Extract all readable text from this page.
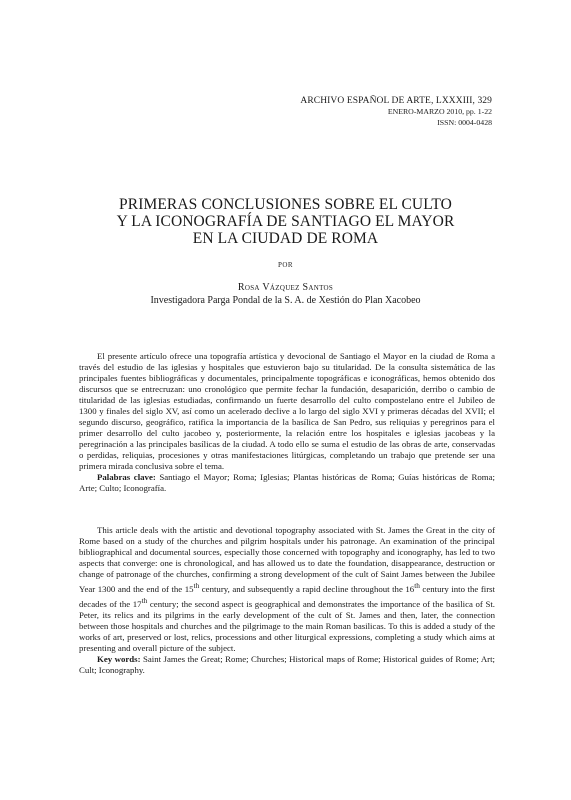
ARCHIVO ESPAÑOL DE ARTE, LXXXIII, 329
ENERO-MARZO 2010, pp. 1-22
ISSN: 0004-0428
PRIMERAS CONCLUSIONES SOBRE EL CULTO
Y LA ICONOGRAFÍA DE SANTIAGO EL MAYOR
EN LA CIUDAD DE ROMA
POR
Rosa Vázquez Santos
Investigadora Parga Pondal de la S. A. de Xestión do Plan Xacobeo

El presente artículo ofrece una topografía artística y devocional de Santiago el Mayor en la ciudad de Roma a través del estudio de las iglesias y hospitales que estuvieron bajo su titularidad. De la consulta sistemática de las principales fuentes bibliográficas y documentales, principalmente topográficas e iconográficas, hemos obtenido dos discursos que se entrecruzan: uno cronológico que permite fechar la fundación, desaparición, derribo o cambio de titularidad de las iglesias estudiadas, confirmando un fuerte desarrollo del culto compostelano entre el Jubileo de 1300 y finales del siglo XV, así como un acelerado declive a lo largo del siglo XVI y primeras décadas del XVII; el segundo discurso, geográfico, ratifica la importancia de la basílica de San Pedro, sus reliquias y peregrinos para el primer desarrollo del culto jacobeo y, posteriormente, la relación entre los hospitales e iglesias jacobeas y la peregrinación a las principales basílicas de la ciudad. A todo ello se suma el estudio de las obras de arte, conservadas o perdidas, reliquias, procesiones y otras manifestaciones litúrgicas, completando un trabajo que pretende ser una primera mirada conclusiva sobre el tema.

Palabras clave: Santiago el Mayor; Roma; Iglesias; Plantas históricas de Roma; Guías históricas de Roma; Arte; Culto; Iconografía.

This article deals with the artistic and devotional topography associated with St. James the Great in the city of Rome based on a study of the churches and pilgrim hospitals under his patronage. An examination of the principal bibliographical and documental sources, especially those concerned with topography and iconography, has led to two aspects that converge: one is chronological, and has allowed us to date the foundation, disappearance, destruction or change of patronage of the churches, confirming a strong development of the cult of Saint James between the Jubilee Year 1300 and the end of the 15th century, and subsequently a rapid decline throughout the 16th century into the first decades of the 17th century; the second aspect is geographical and demonstrates the importance of the basilica of St. Peter, its relics and its pilgrims in the early development of the cult of St. James and then, later, the connection between those hospitals and churches and the pilgrimage to the main Roman basilicas. To this is added a study of the works of art, preserved or lost, relics, processions and other liturgical expressions, completing a study which aims at presenting and overall picture of the subject.

Key words: Saint James the Great; Rome; Churches; Historical maps of Rome; Historical guides of Rome; Art; Cult; Iconography.
